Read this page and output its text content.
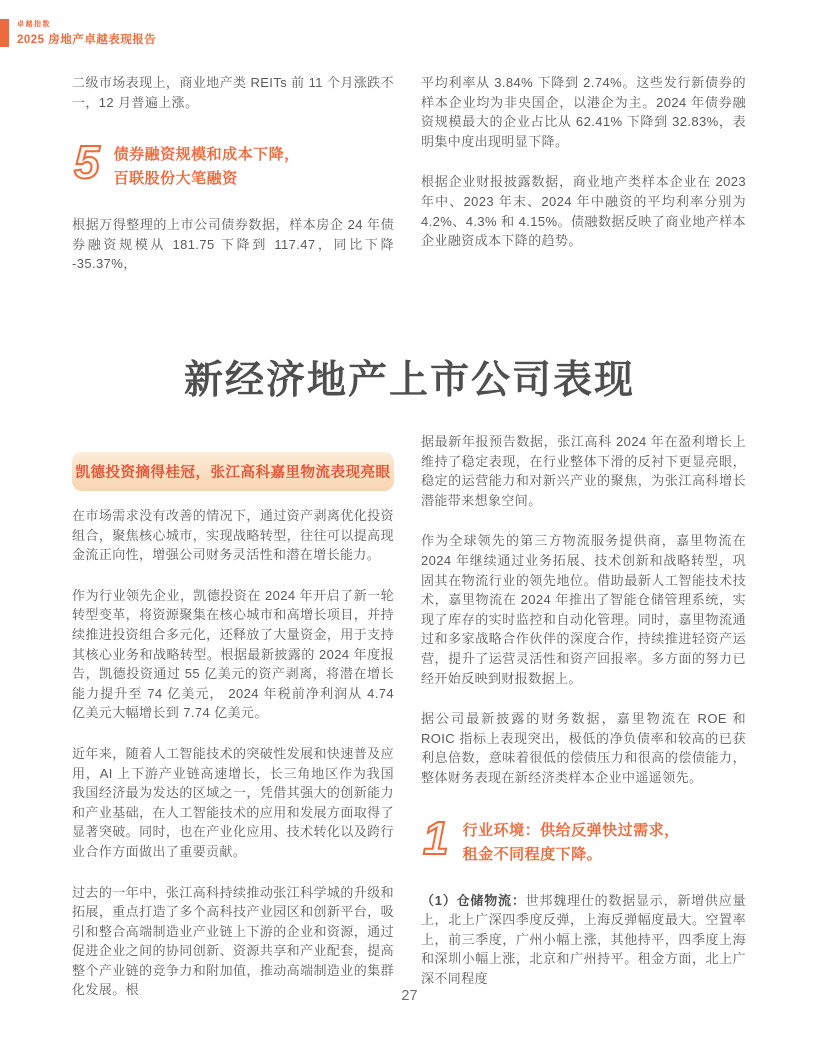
卓越指数
2025 房地产卓越表现报告

二级市场表现上，商业地产类 REITs 前 11 个月涨跌不一，12 月普遍上涨。

5 债券融资规模和成本下降，
百联股份大笔融资

根据万得整理的上市公司债券数据，样本房企 24 年债券融资规模从 181.75 下降到 117.47，同比下降 -35.37%，

平均利率从 3.84% 下降到 2.74%。这些发行新债券的样本企业均为非央国企，以港企为主。2024 年债券融资规模最大的企业占比从 62.41% 下降到 32.83%，表明集中度出现明显下降。

根据企业财报披露数据，商业地产类样本企业在 2023 年中、2023 年末、2024 年中融资的平均利率分别为 4.2%、4.3% 和 4.15%。债融数据反映了商业地产样本企业融资成本下降的趋势。

新经济地产上市公司表现
凯德投资摘得桂冠，张江高科嘉里物流表现亮眼

在市场需求没有改善的情况下，通过资产剥离优化投资组合，聚焦核心城市，实现战略转型，往往可以提高现金流正向性，增强公司财务灵活性和潜在增长能力。

作为行业领先企业，凯德投资在 2024 年开启了新一轮转型变革，将资源聚集在核心城市和高增长项目，并持续推进投资组合多元化，还释放了大量资金，用于支持其核心业务和战略转型。根据最新披露的 2024 年度报告，凯德投资通过 55 亿美元的资产剥离，将潜在增长能力提升至 74 亿美元， 2024 年税前净利润从 4.74 亿美元大幅增长到 7.74 亿美元。

近年来，随着人工智能技术的突破性发展和快速普及应用，AI 上下游产业链高速增长，长三角地区作为我国我国经济最为发达的区域之一，凭借其强大的创新能力和产业基础，在人工智能技术的应用和发展方面取得了显著突破。同时，也在产业化应用、技术转化以及跨行业合作方面做出了重要贡献。

过去的一年中，张江高科持续推动张江科学城的升级和拓展，重点打造了多个高科技产业园区和创新平台，吸引和整合高端制造业产业链上下游的企业和资源，通过促进企业之间的协同创新、资源共享和产业配套，提高整个产业链的竞争力和附加值，推动高端制造业的集群化发展。根

据最新年报预告数据，张江高科 2024 年在盈利增长上维持了稳定表现，在行业整体下滑的反衬下更显亮眼，稳定的运营能力和对新兴产业的聚焦，为张江高科增长潜能带来想象空间。

作为全球领先的第三方物流服务提供商，嘉里物流在 2024 年继续通过业务拓展、技术创新和战略转型，巩固其在物流行业的领先地位。借助最新人工智能技术技术，嘉里物流在 2024 年推出了智能仓储管理系统，实现了库存的实时监控和自动化管理。同时，嘉里物流通过和多家战略合作伙伴的深度合作，持续推进轻资产运营，提升了运营灵活性和资产回报率。多方面的努力已经开始反映到财报数据上。

据公司最新披露的财务数据，嘉里物流在 ROE 和 ROIC 指标上表现突出，极低的净负债率和较高的已获利息倍数，意味着很低的偿债压力和很高的偿债能力，整体财务表现在新经济类样本企业中遥遥领先。

1 行业环境：供给反弹快过需求，
租金不同程度下降。

（1）仓储物流：世邦魏理仕的数据显示，新增供应量上，北上广深四季度反弹，上海反弹幅度最大。空置率上，前三季度，广州小幅上涨，其他持平，四季度上海和深圳小幅上涨，北京和广州持平。租金方面，北上广深不同程度

27
